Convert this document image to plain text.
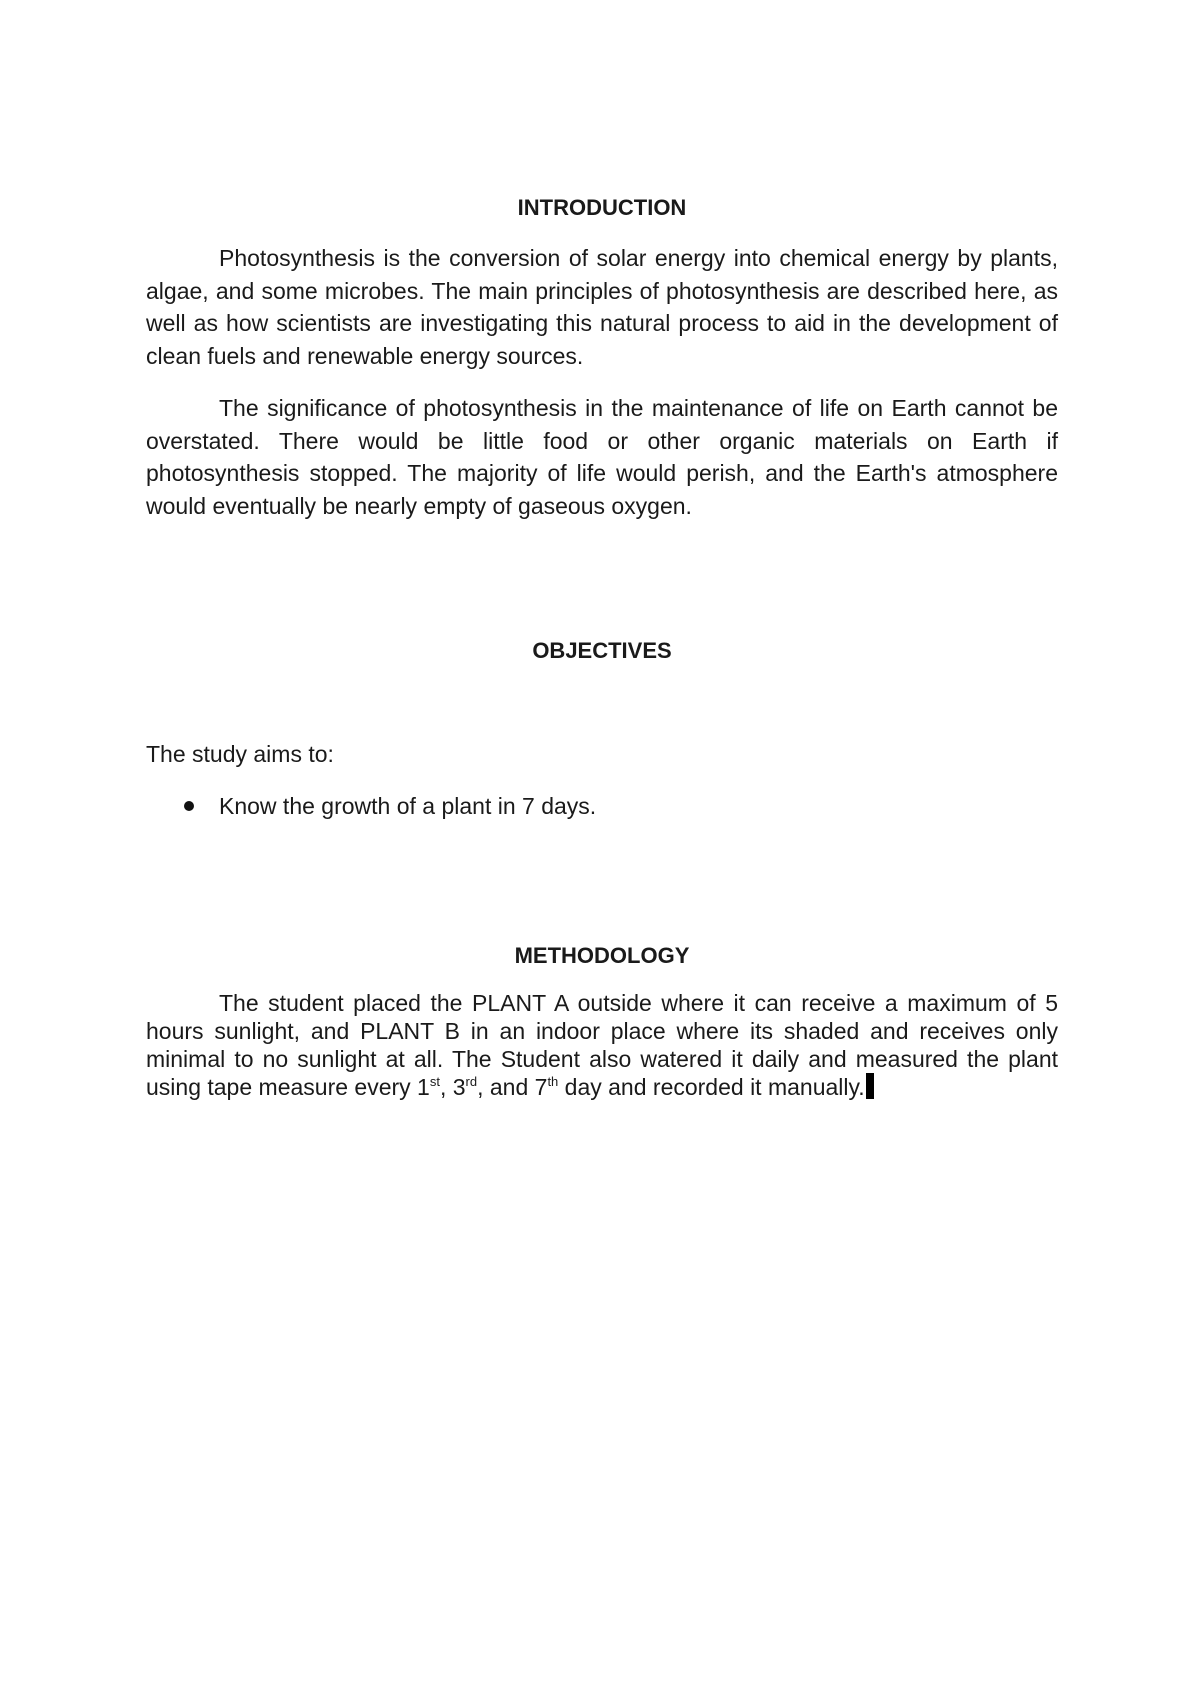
INTRODUCTION

Photosynthesis is the conversion of solar energy into chemical energy by plants, algae, and some microbes. The main principles of photosynthesis are described here, as well as how scientists are investigating this natural process to aid in the development of clean fuels and renewable energy sources.

The significance of photosynthesis in the maintenance of life on Earth cannot be overstated. There would be little food or other organic materials on Earth if photosynthesis stopped. The majority of life would perish, and the Earth's atmosphere would eventually be nearly empty of gaseous oxygen.

OBJECTIVES

The study aims to:

Know the growth of a plant in 7 days.
METHODOLOGY

The student placed the PLANT A outside where it can receive a maximum of 5 hours sunlight, and PLANT B in an indoor place where its shaded and receives only minimal to no sunlight at all. The Student also watered it daily and measured the plant using tape measure every 1st, 3rd, and 7th day and recorded it manually.
